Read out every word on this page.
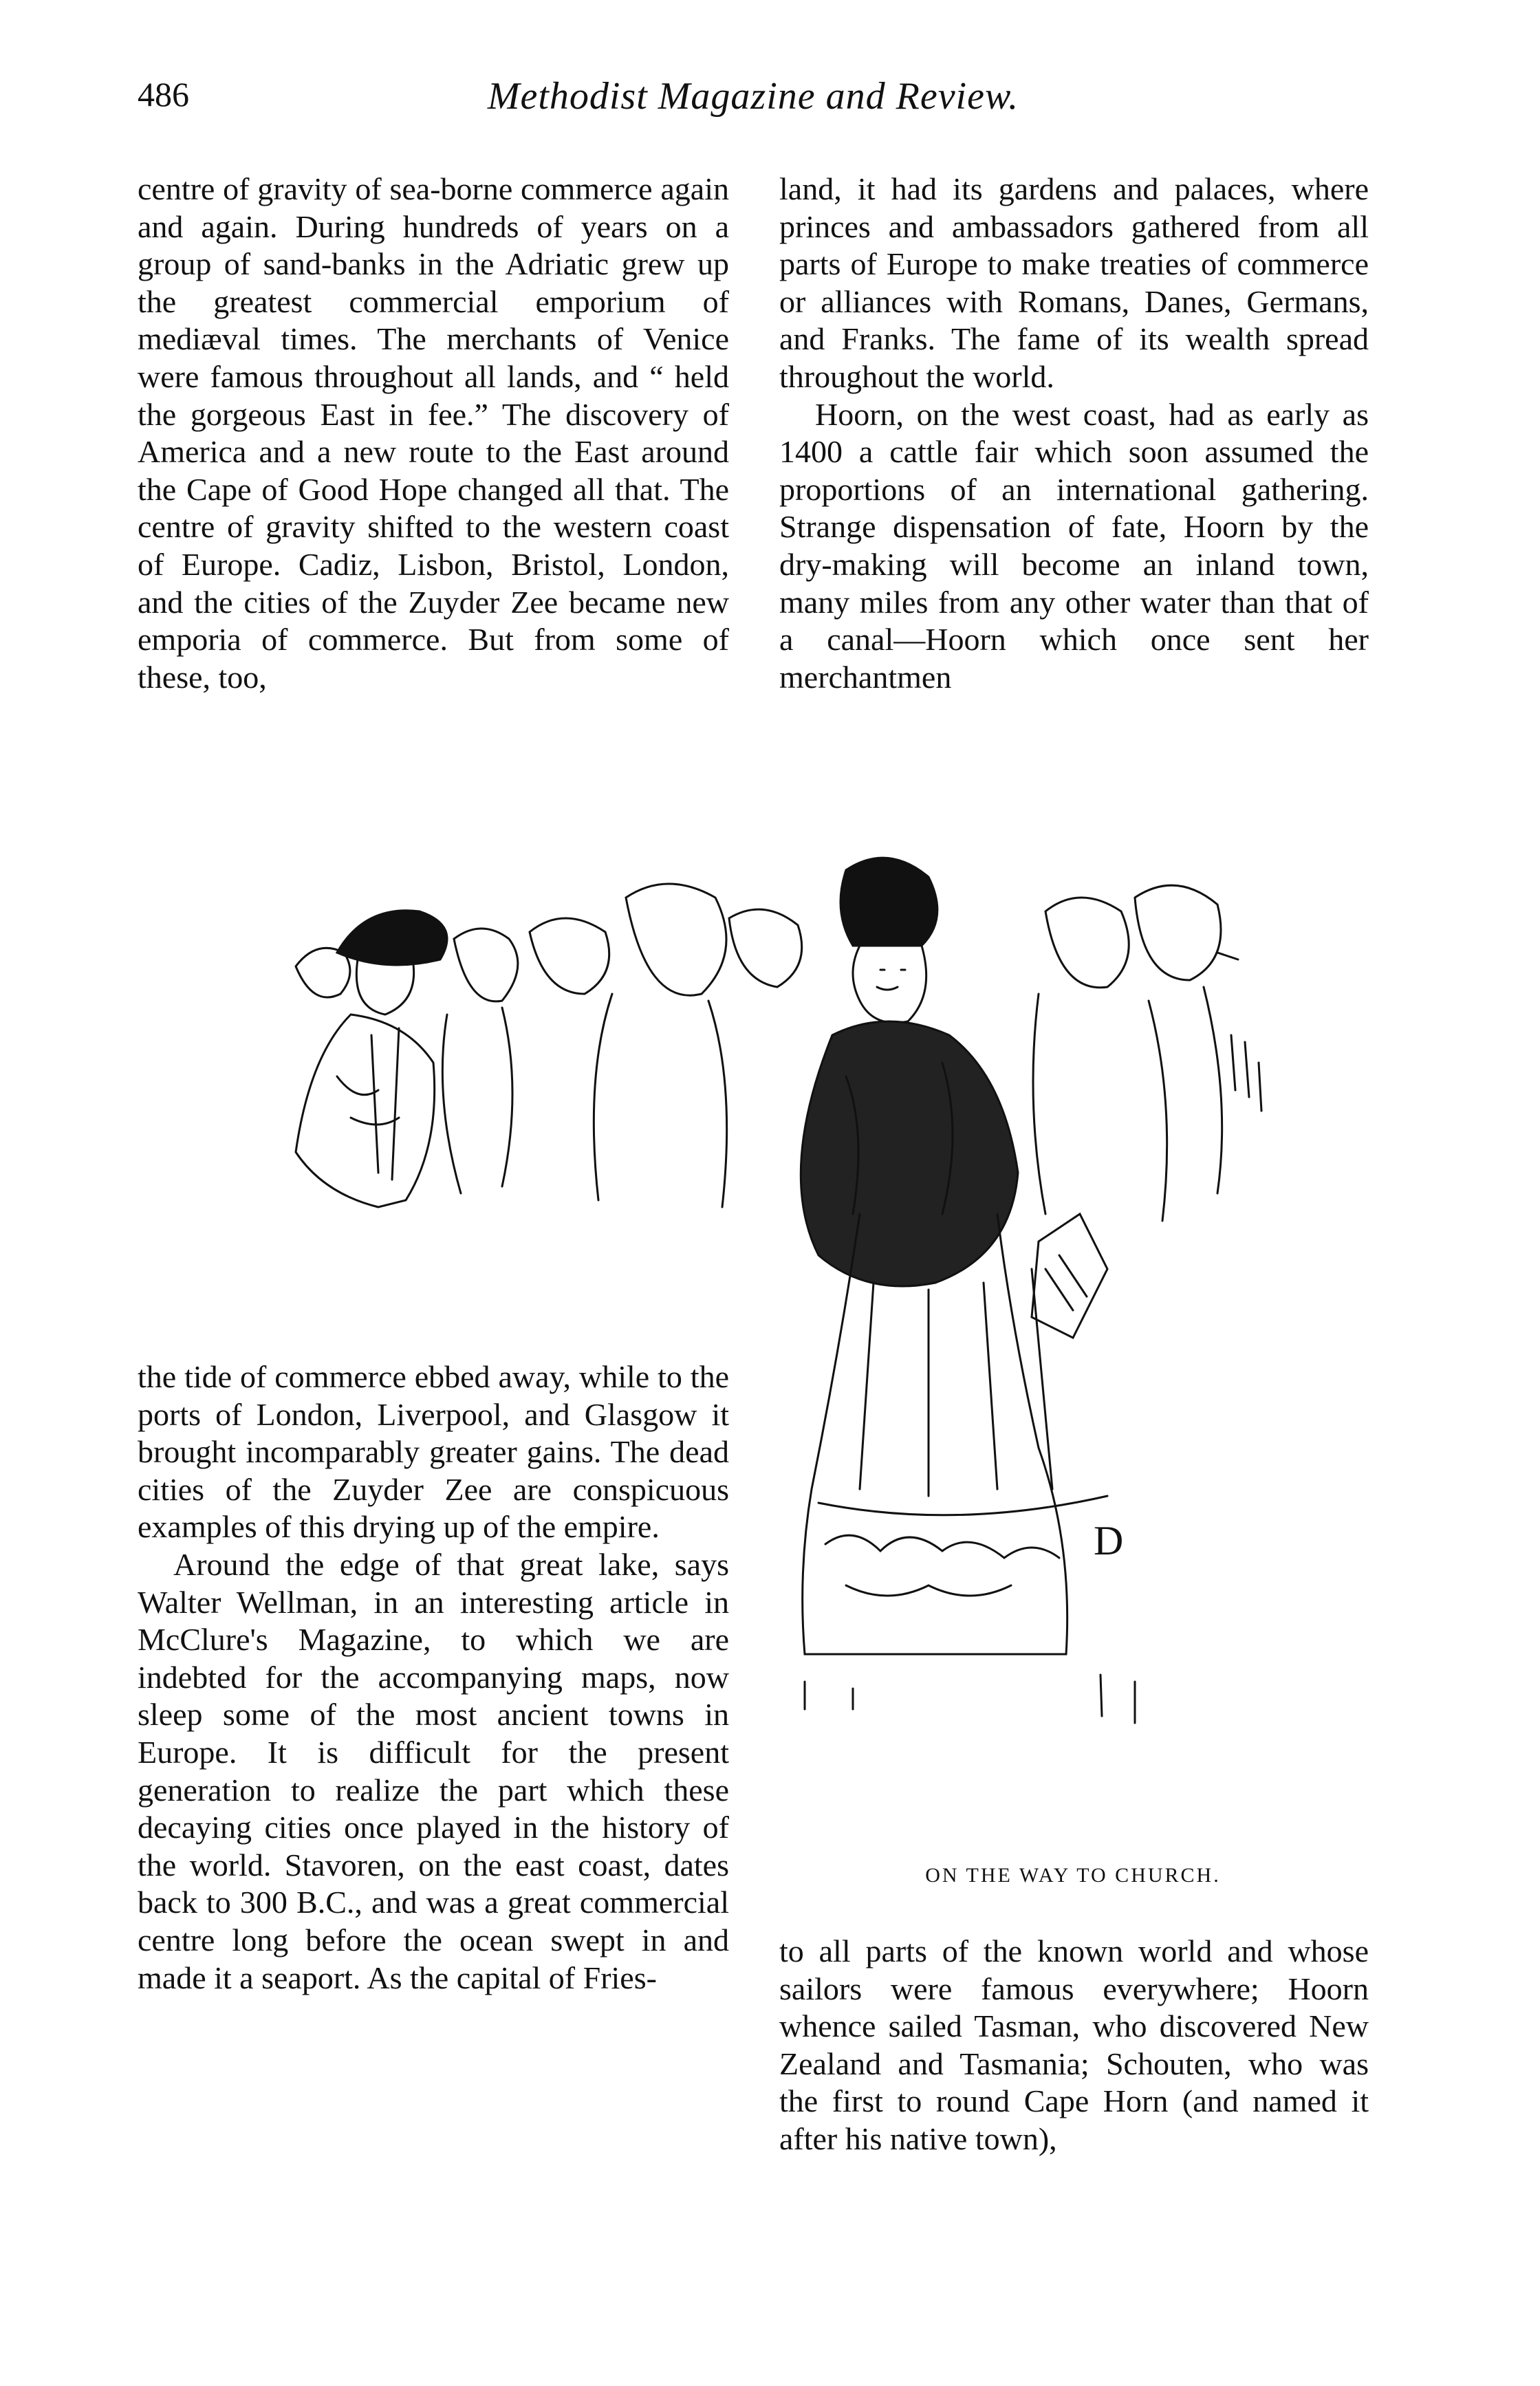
486	Methodist Magazine and Review.

centre of gravity of sea-borne commerce again and again. During hundreds of years on a group of sand-banks in the Adriatic grew up the greatest commercial emporium of mediæval times. The merchants of Venice were famous throughout all lands, and “ held the gorgeous East in fee.” The discovery of America and a new route to the East around the Cape of Good Hope changed all that. The centre of gravity shifted to the western coast of Europe. Cadiz, Lisbon, Bristol, London, and the cities of the Zuyder Zee became new emporia of commerce. But from some of these, too,

land, it had its gardens and palaces, where princes and ambassadors gathered from all parts of Europe to make treaties of commerce or alliances with Romans, Danes, Germans, and Franks. The fame of its wealth spread throughout the world.

Hoorn, on the west coast, had as early as 1400 a cattle fair which soon assumed the proportions of an international gathering. Strange dispensation of fate, Hoorn by the dry-making will become an inland town, many miles from any other water than that of a canal—Hoorn which once sent her merchantmen

D
ON THE WAY TO CHURCH.

the tide of commerce ebbed away, while to the ports of London, Liverpool, and Glasgow it brought incomparably greater gains. The dead cities of the Zuyder Zee are conspicuous examples of this drying up of the empire.

Around the edge of that great lake, says Walter Wellman, in an interesting article in McClure's Magazine, to which we are indebted for the accompanying maps, now sleep some of the most ancient towns in Europe. It is difficult for the present generation to realize the part which these decaying cities once played in the history of the world. Stavoren, on the east coast, dates back to 300 B.C., and was a great commercial centre long before the ocean swept in and made it a seaport. As the capital of Fries-

to all parts of the known world and whose sailors were famous everywhere; Hoorn whence sailed Tasman, who discovered New Zealand and Tasmania; Schouten, who was the first to round Cape Horn (and named it after his native town),
